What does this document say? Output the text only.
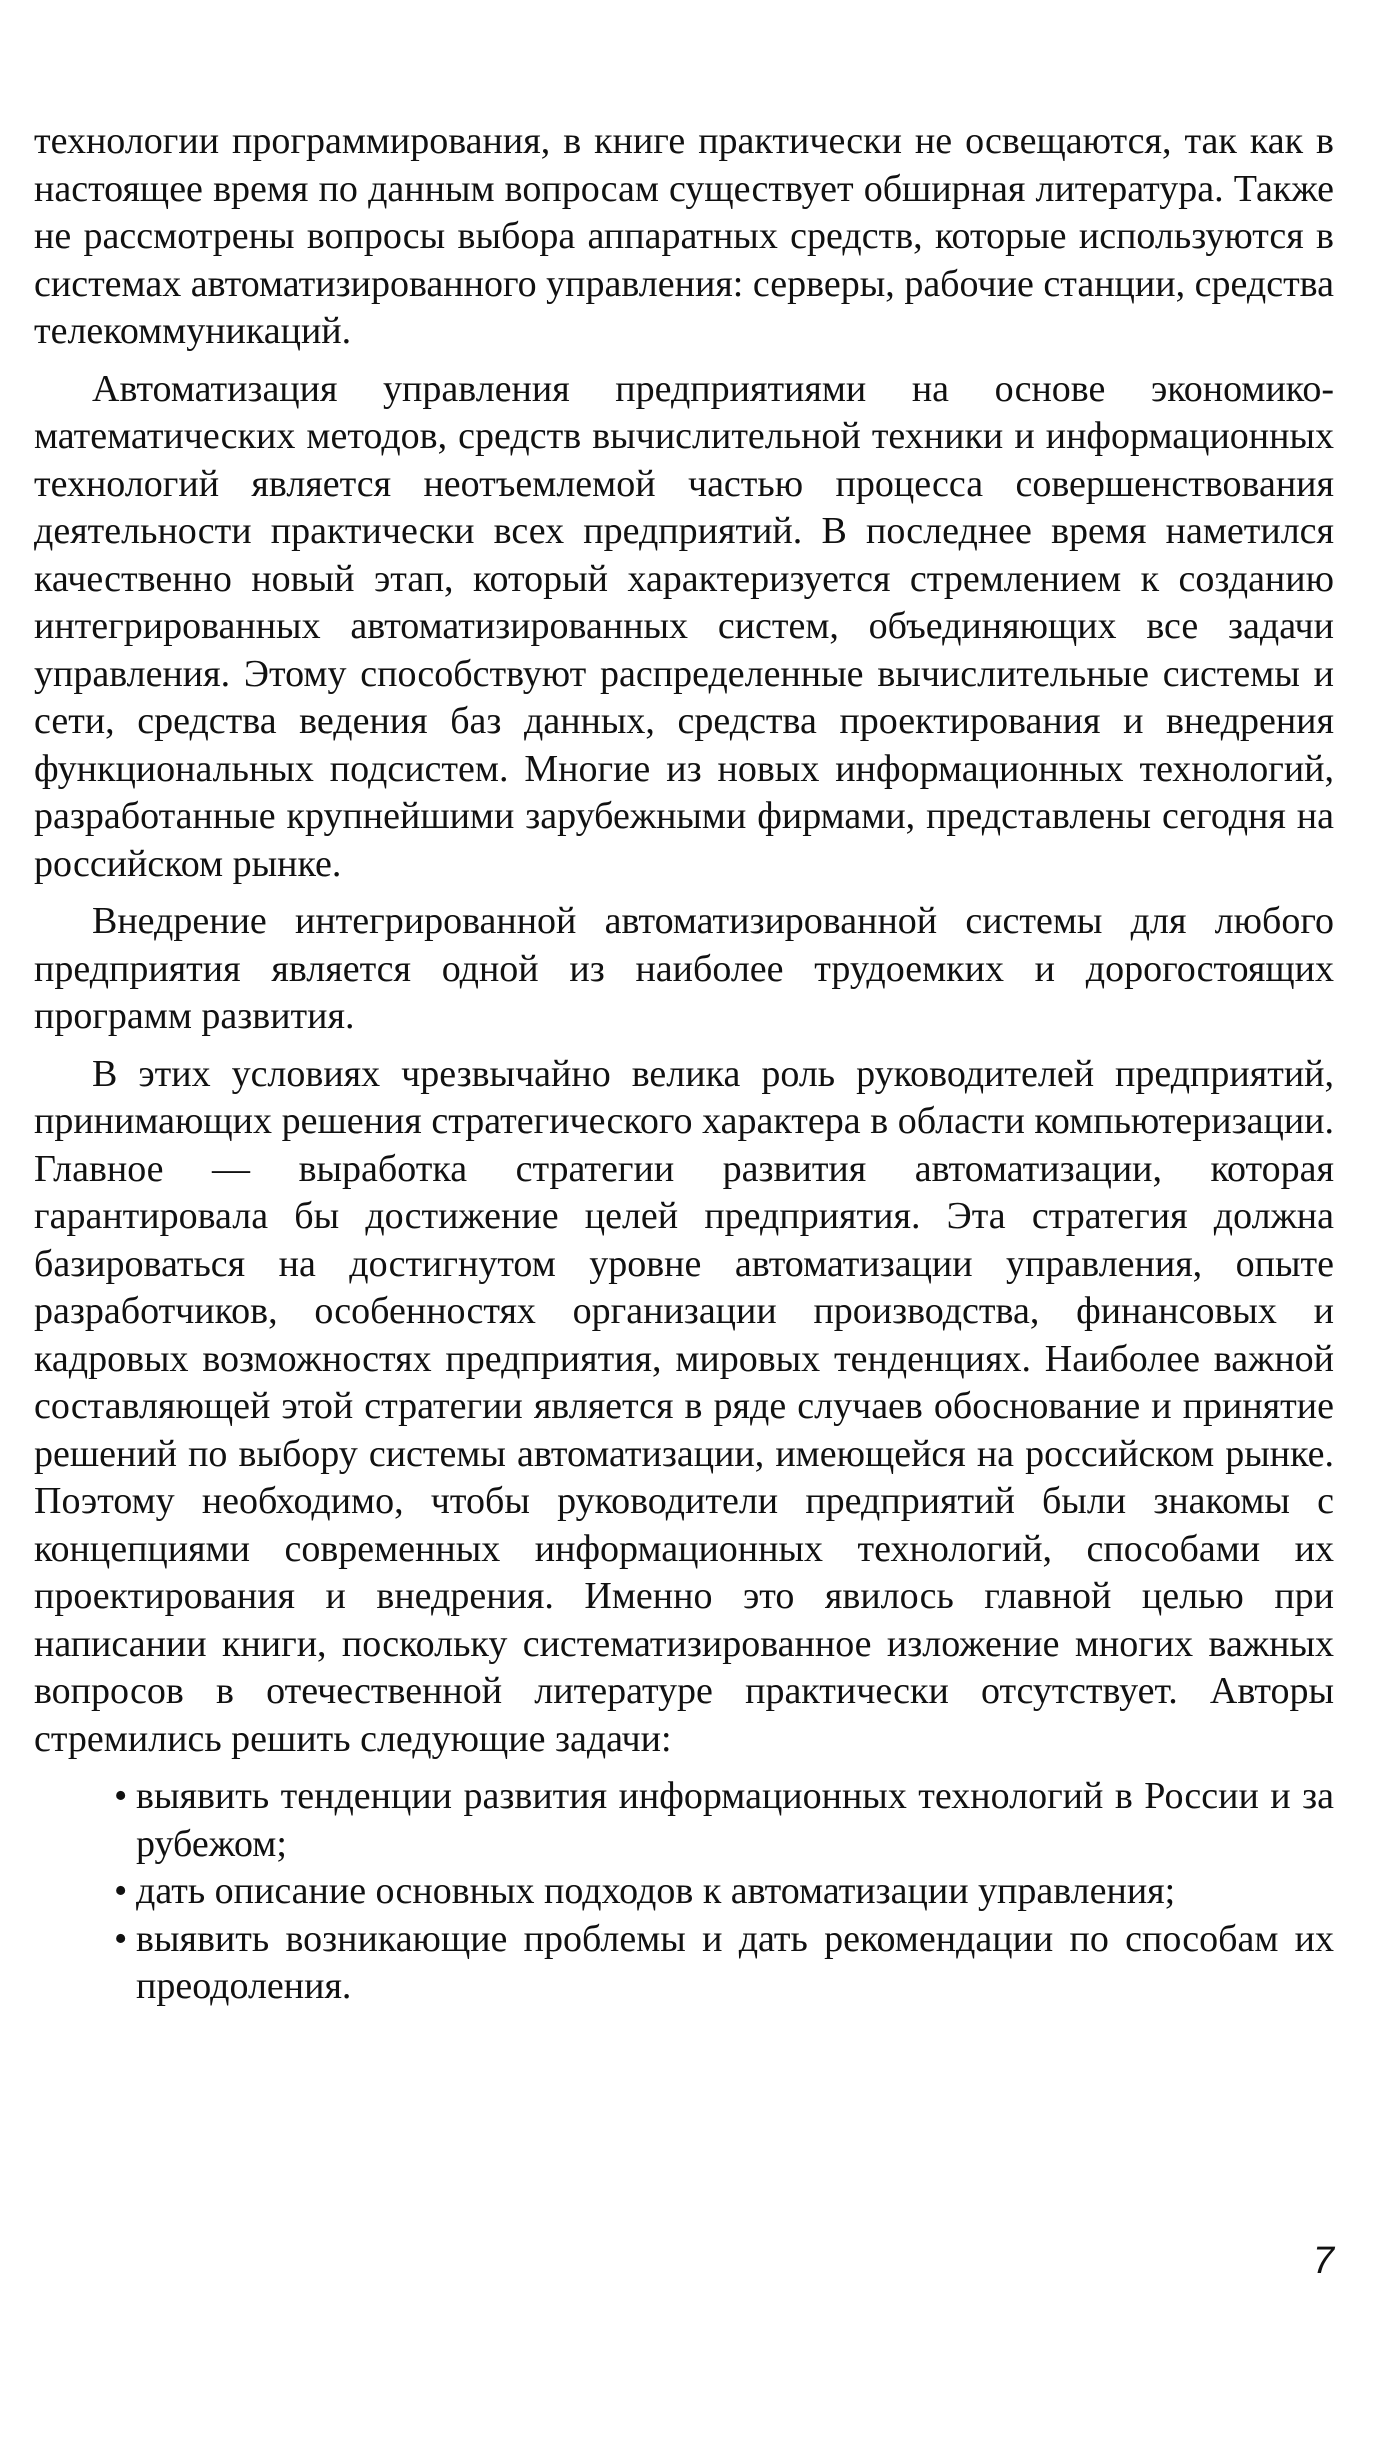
технологии программирования, в книге практически не освещаются, так как в настоящее время по данным вопросам существует обширная литература. Также не рассмотрены вопросы выбора аппаратных средств, которые используются в системах автоматизированного управления: серверы, рабочие станции, средства телекоммуникаций.

Автоматизация управления предприятиями на основе экономико-математических методов, средств вычислительной техники и информационных технологий является неотъемлемой частью процесса совершенствования деятельности практически всех предприятий. В последнее время наметился качественно новый этап, который характеризуется стремлением к созданию интегрированных автоматизированных систем, объединяющих все задачи управления. Этому способствуют распределенные вычислительные системы и сети, средства ведения баз данных, средства проектирования и внедрения функциональных подсистем. Многие из новых информационных технологий, разработанные крупнейшими зарубежными фирмами, представлены сегодня на российском рынке.

Внедрение интегрированной автоматизированной системы для любого предприятия является одной из наиболее трудоемких и дорогостоящих программ развития.

В этих условиях чрезвычайно велика роль руководителей предприятий, принимающих решения стратегического характера в области компьютеризации. Главное — выработка стратегии развития автоматизации, которая гарантировала бы достижение целей предприятия. Эта стратегия должна базироваться на достигнутом уровне автоматизации управления, опыте разработчиков, особенностях организации производства, финансовых и кадровых возможностях предприятия, мировых тенденциях. Наиболее важной составляющей этой стратегии является в ряде случаев обоснование и принятие решений по выбору системы автоматизации, имеющейся на российском рынке. Поэтому необходимо, чтобы руководители предприятий были знакомы с концепциями современных информационных технологий, способами их проектирования и внедрения. Именно это явилось главной целью при написании книги, поскольку систематизированное изложение многих важных вопросов в отечественной литературе практически отсутствует. Авторы стремились решить следующие задачи:

• выявить тенденции развития информационных технологий в России и за рубежом;
• дать описание основных подходов к автоматизации управления;
• выявить возникающие проблемы и дать рекомендации по способам их преодоления.
7
